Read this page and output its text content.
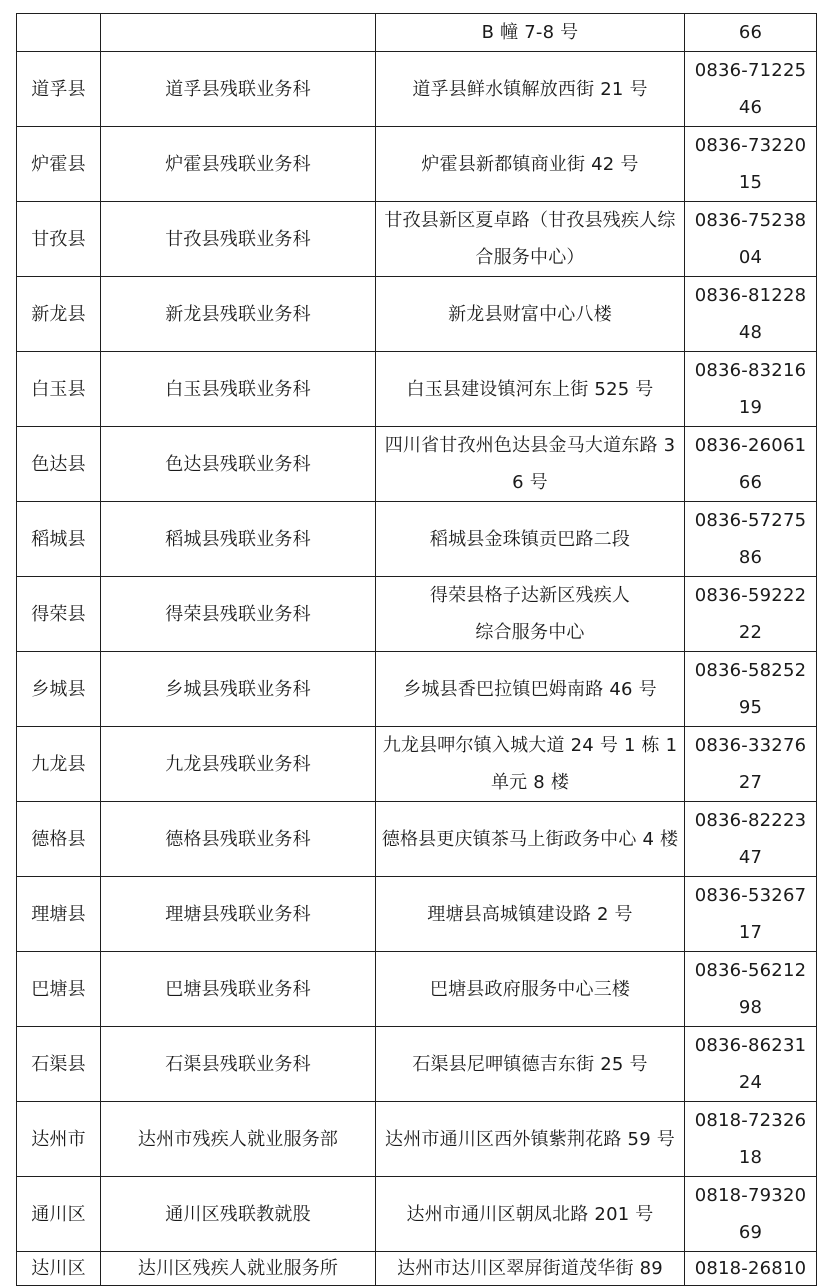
		B 幢 7-8 号	66

道孚县	道孚县残联业务科	道孚县鲜水镇解放西街 21 号	0836-7122546

炉霍县	炉霍县残联业务科	炉霍县新都镇商业街 42 号	0836-7322015

甘孜县	甘孜县残联业务科	甘孜县新区夏卓路（甘孜县残疾人综合服务中心）	0836-7523804

新龙县	新龙县残联业务科	新龙县财富中心八楼	0836-8122848

白玉县	白玉县残联业务科	白玉县建设镇河东上街 525 号	0836-8321619

色达县	色达县残联业务科	四川省甘孜州色达县金马大道东路 36 号	0836-2606166

稻城县	稻城县残联业务科	稻城县金珠镇贡巴路二段	0836-5727586

得荣县	得荣县残联业务科	得荣县格子达新区残疾人
综合服务中心	0836-5922222

乡城县	乡城县残联业务科	乡城县香巴拉镇巴姆南路 46 号	0836-5825295

九龙县	九龙县残联业务科	九龙县呷尔镇入城大道 24 号 1 栋 1 单元 8 楼	0836-3327627

德格县	德格县残联业务科	德格县更庆镇茶马上街政务中心 4 楼	0836-8222347

理塘县	理塘县残联业务科	理塘县高城镇建设路 2 号	0836-5326717

巴塘县	巴塘县残联业务科	巴塘县政府服务中心三楼	0836-5621298

石渠县	石渠县残联业务科	石渠县尼呷镇德吉东街 25 号	0836-8623124

达州市	达州市残疾人就业服务部	达州市通川区西外镇紫荆花路 59 号	0818-7232618

通川区	通川区残联教就股	达州市通川区朝凤北路 201 号	0818-7932069

达川区	达川区残疾人就业服务所	达州市达川区翠屏街道茂华街 89	0818-26810
